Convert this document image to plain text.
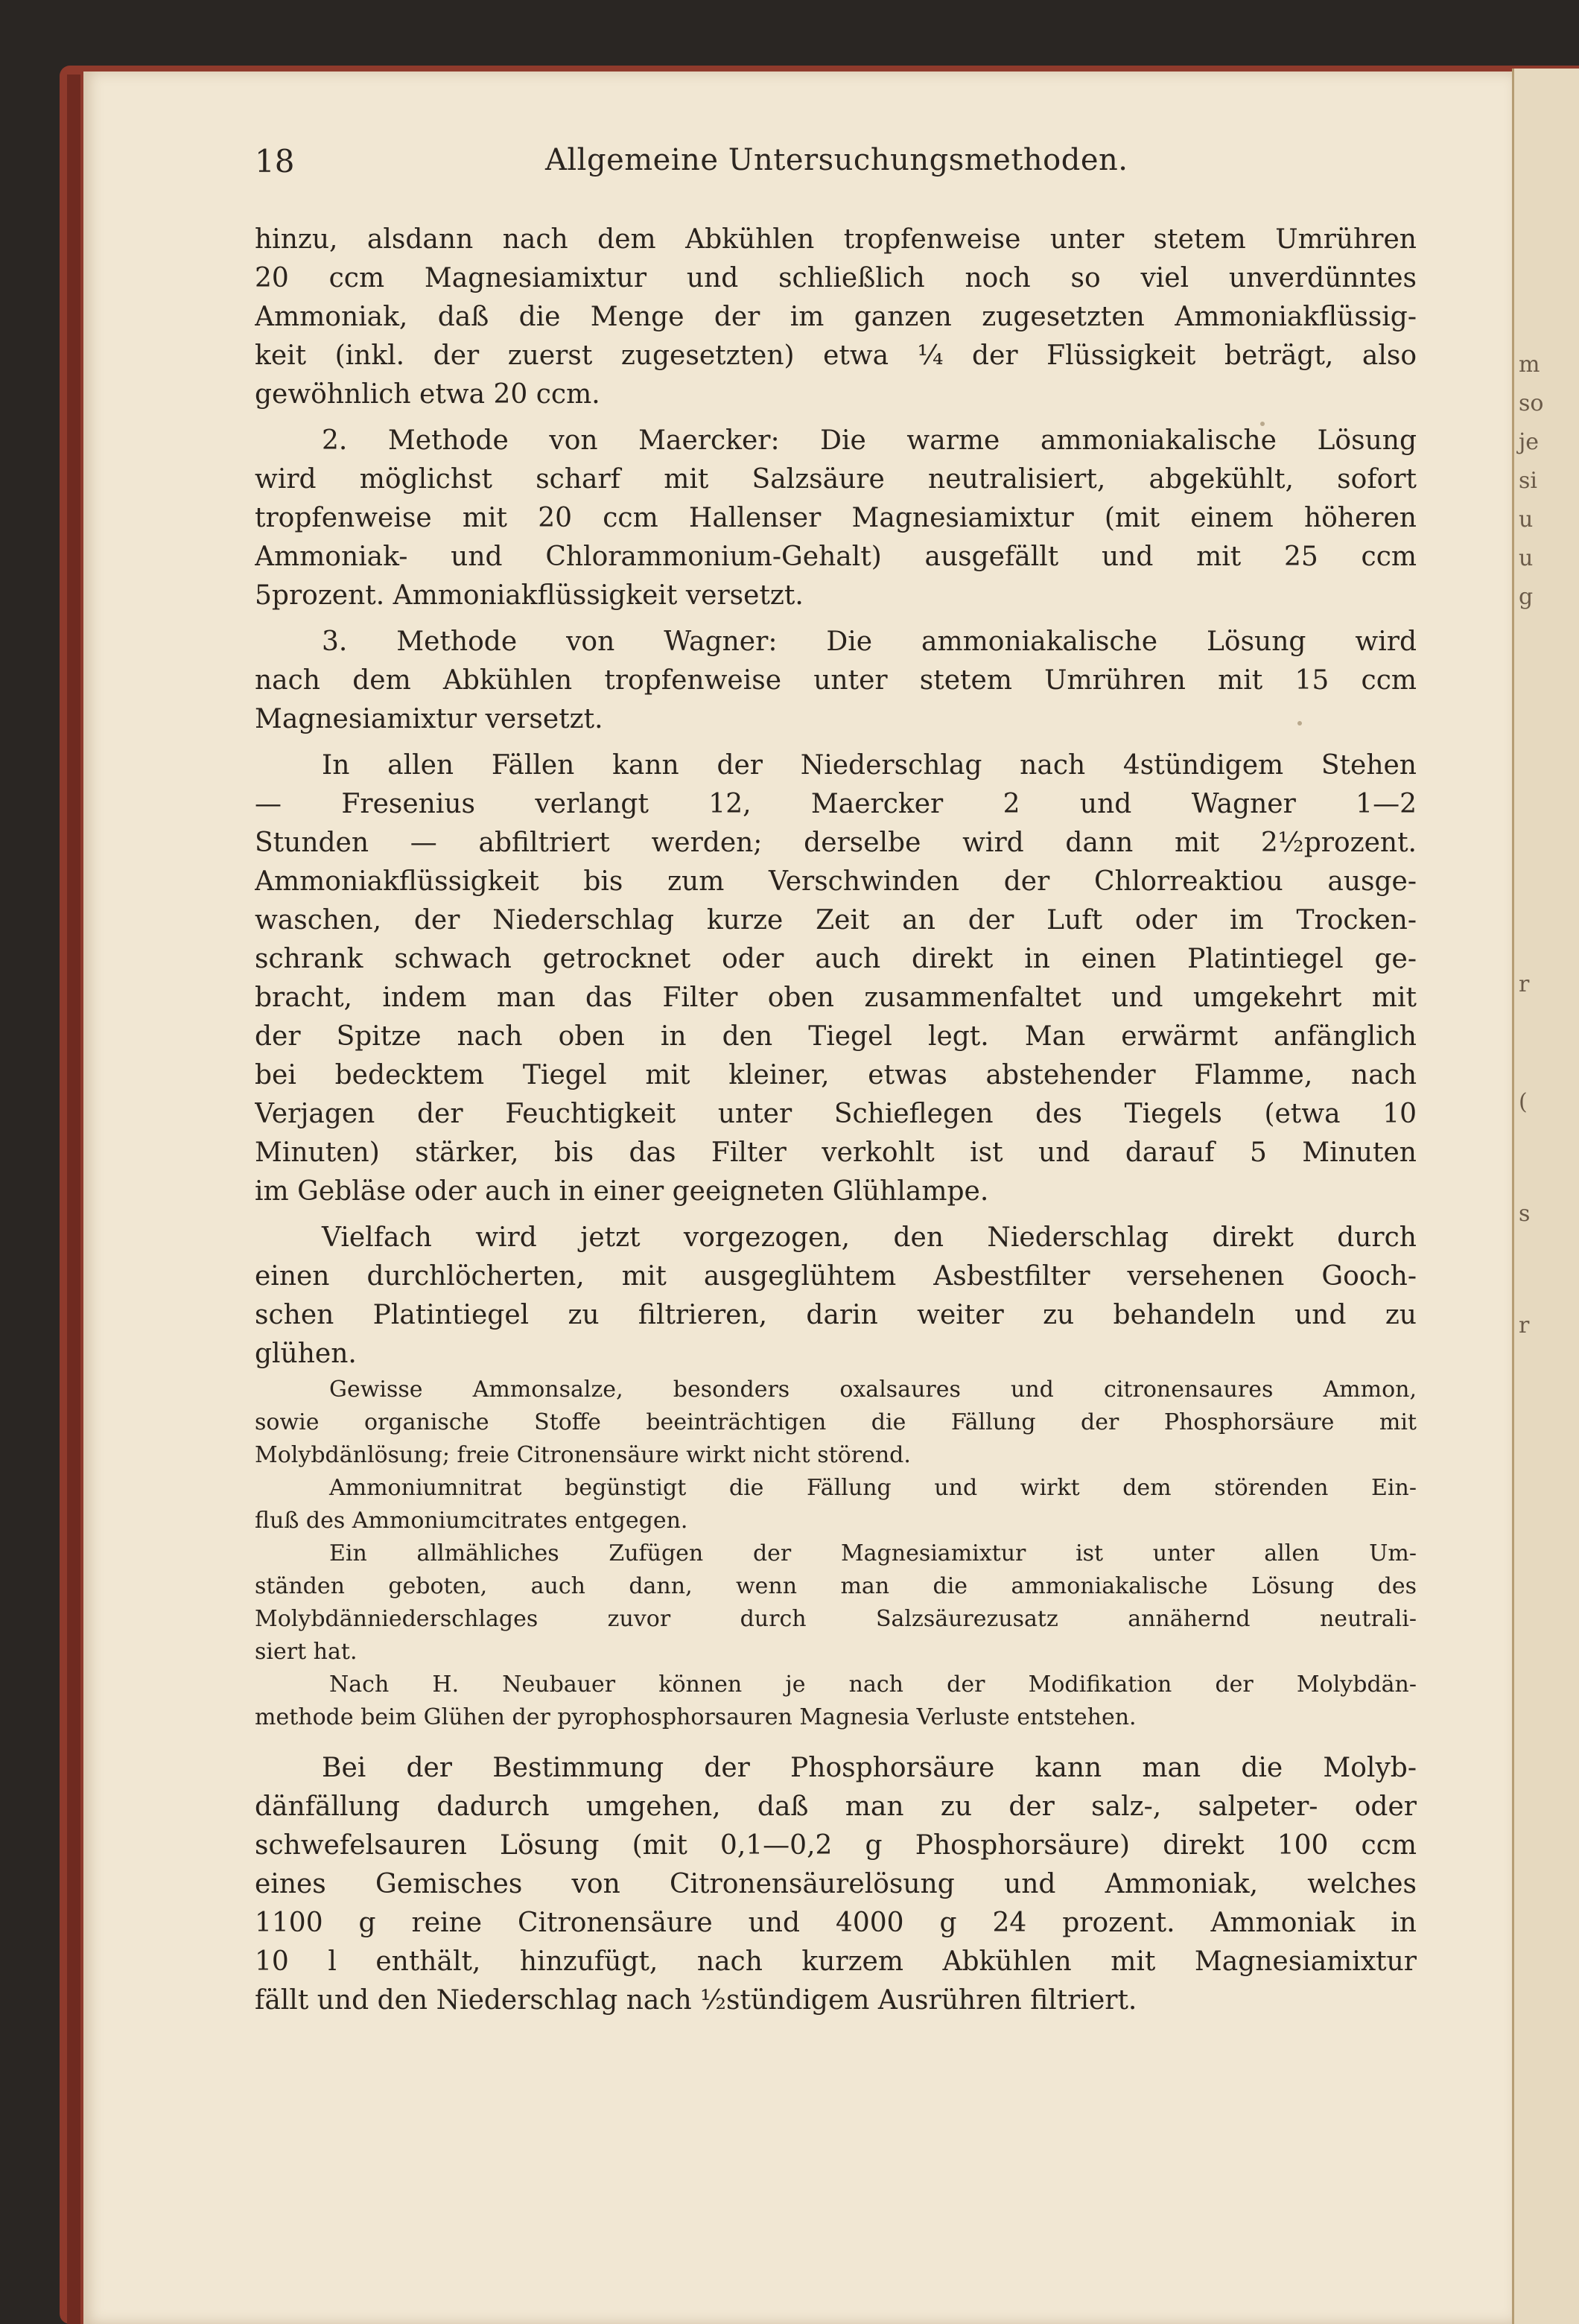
m
so
je
si
u
u
g
r
(
s
r
18	Allgemeine Untersuchungsmethoden.
hinzu, alsdann nach dem Abkühlen tropfenweise unter stetem Umrühren
20 ccm Magnesiamixtur und schließlich noch so viel unverdünntes
Ammoniak, daß die Menge der im ganzen zugesetzten Ammoniakflüssig-
keit (inkl. der zuerst zugesetzten) etwa ¼ der Flüssigkeit beträgt, also
gewöhnlich etwa 20 ccm.
2. Methode von Maercker: Die warme ammoniakalische Lösung
wird möglichst scharf mit Salzsäure neutralisiert, abgekühlt, sofort
tropfenweise mit 20 ccm Hallenser Magnesiamixtur (mit einem höheren
Ammoniak- und Chlorammonium-Gehalt) ausgefällt und mit 25 ccm
5prozent. Ammoniakflüssigkeit versetzt.
3. Methode von Wagner: Die ammoniakalische Lösung wird
nach dem Abkühlen tropfenweise unter stetem Umrühren mit 15 ccm
Magnesiamixtur versetzt.
In allen Fällen kann der Niederschlag nach 4stündigem Stehen
— Fresenius verlangt 12, Maercker 2 und Wagner 1—2
Stunden — abfiltriert werden; derselbe wird dann mit 2½prozent.
Ammoniakflüssigkeit bis zum Verschwinden der Chlorreaktiou ausge-
waschen, der Niederschlag kurze Zeit an der Luft oder im Trocken-
schrank schwach getrocknet oder auch direkt in einen Platintiegel ge-
bracht, indem man das Filter oben zusammenfaltet und umgekehrt mit
der Spitze nach oben in den Tiegel legt. Man erwärmt anfänglich
bei bedecktem Tiegel mit kleiner, etwas abstehender Flamme, nach
Verjagen der Feuchtigkeit unter Schieflegen des Tiegels (etwa 10
Minuten) stärker, bis das Filter verkohlt ist und darauf 5 Minuten
im Gebläse oder auch in einer geeigneten Glühlampe.
Vielfach wird jetzt vorgezogen, den Niederschlag direkt durch
einen durchlöcherten, mit ausgeglühtem Asbestfilter versehenen Gooch-
schen Platintiegel zu filtrieren, darin weiter zu behandeln und zu
glühen.
Gewisse Ammonsalze, besonders oxalsaures und citronensaures Ammon,
sowie organische Stoffe beeinträchtigen die Fällung der Phosphorsäure mit
Molybdänlösung; freie Citronensäure wirkt nicht störend.
Ammoniumnitrat begünstigt die Fällung und wirkt dem störenden Ein-
fluß des Ammoniumcitrates entgegen.
Ein allmähliches Zufügen der Magnesiamixtur ist unter allen Um-
ständen geboten, auch dann, wenn man die ammoniakalische Lösung des
Molybdänniederschlages zuvor durch Salzsäurezusatz annähernd neutrali-
siert hat.
Nach H. Neubauer können je nach der Modifikation der Molybdän-
methode beim Glühen der pyrophosphorsauren Magnesia Verluste entstehen.
Bei der Bestimmung der Phosphorsäure kann man die Molyb-
dänfällung dadurch umgehen, daß man zu der salz-, salpeter- oder
schwefelsauren Lösung (mit 0,1—0,2 g Phosphorsäure) direkt 100 ccm
eines Gemisches von Citronensäurelösung und Ammoniak, welches
1100 g reine Citronensäure und 4000 g 24 prozent. Ammoniak in
10 l enthält, hinzufügt, nach kurzem Abkühlen mit Magnesiamixtur
fällt und den Niederschlag nach ½stündigem Ausrühren filtriert.
